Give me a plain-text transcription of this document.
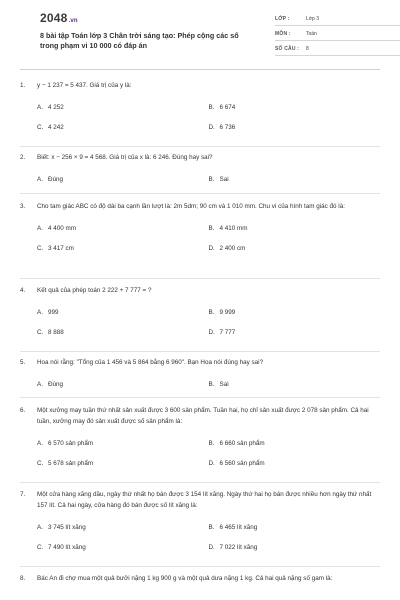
2048.vn
8 bài tập Toán lớp 3 Chân trời sáng tạo: Phép cộng các số trong phạm vi 10 000 có đáp án
LỚP :	Lớp 3
MÔN :	Toán
SỐ CÂU :	8
1. y − 1 237 = 5 437. Giá trị của y là:
A. 4 252	B. 6 674
C. 4 242	D. 6 736
2. Biết: x − 256 × 9 = 4 568. Giá trị của x là: 6 246. Đúng hay sai?
A. Đúng	B. Sai
3. Cho tam giác ABC có độ dài ba cạnh lần lượt là: 2m 5dm; 90 cm và 1 010 mm. Chu vi của hình tam giác đó là:
A. 4 400 mm	B. 4 410 mm
C. 3 417 cm	D. 2 400 cm
4. Kết quả của phép toán 2 222 + 7 777 = ?
A. 999	B. 9 999
C. 8 888	D. 7 777
5. Hoa nói rằng: "Tổng của 1 456 và 5 864 bằng 6 960". Bạn Hoa nói đúng hay sai?
A. Đúng	B. Sai
6. Một xưởng may tuần thứ nhất sản xuất được 3 600 sản phẩm. Tuần hai, họ chỉ sản xuất được 2 078 sản phẩm. Cả hai tuần, xưởng may đó sản xuất được số sản phẩm là:
A. 6 570 sản phẩm	B. 6 660 sản phẩm
C. 5 678 sản phẩm	D. 6 560 sản phẩm
7. Một cửa hàng xăng dầu, ngày thứ nhất họ bán được 3 154 lít xăng. Ngày thứ hai họ bán được nhiều hơn ngày thứ nhất 157 lít. Cả hai ngày, cửa hàng đó bán được số lít xăng là:
A. 3 745 lít xăng	B. 6 465 lít xăng
C. 7 490 lít xăng	D. 7 022 lít xăng
8. Bác An đi chợ mua một quả bưởi nặng 1 kg 900 g và một quả dưa nặng 1 kg. Cả hai quả nặng số gam là:
